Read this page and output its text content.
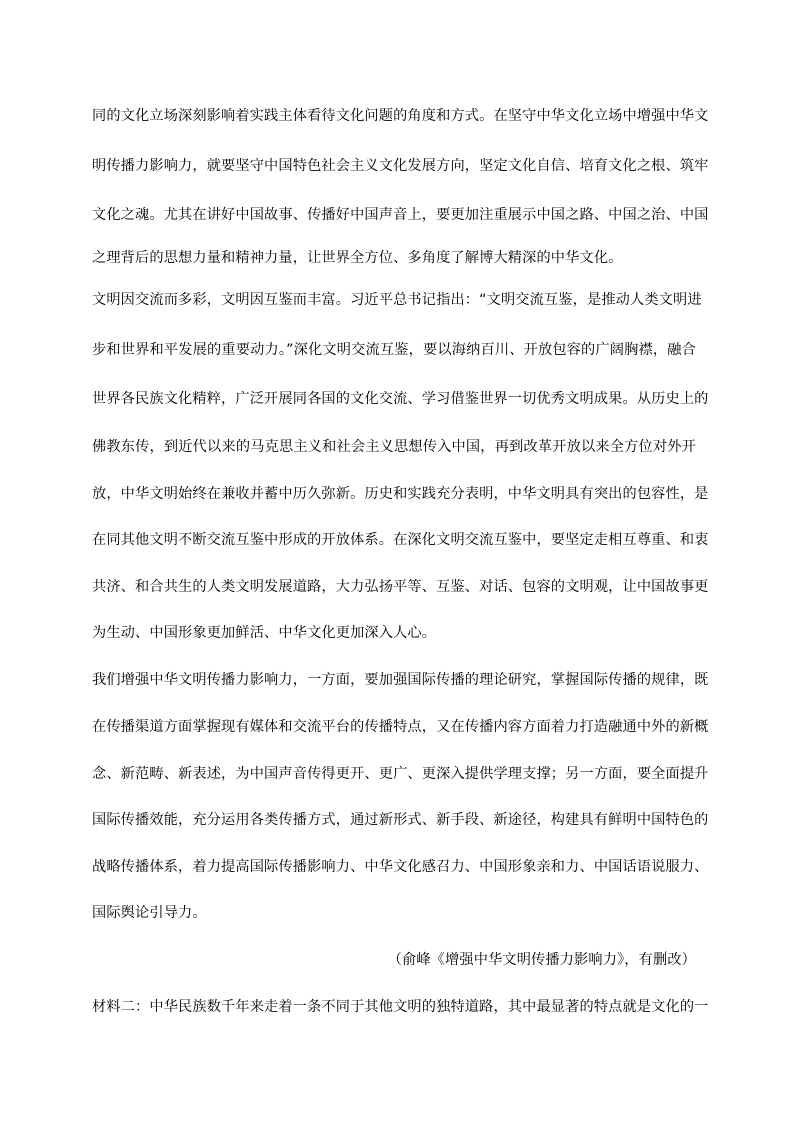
同的文化立场深刻影响着实践主体看待文化问题的角度和方式。在坚守中华文化立场中增强中华文
明传播力影响力，就要坚守中国特色社会主义文化发展方向，坚定文化自信、培育文化之根、筑牢
文化之魂。尤其在讲好中国故事、传播好中国声音上，要更加注重展示中国之路、中国之治、中国
之理背后的思想力量和精神力量，让世界全方位、多角度了解博大精深的中华文化。
文明因交流而多彩，文明因互鉴而丰富。习近平总书记指出：“文明交流互鉴，是推动人类文明进
步和世界和平发展的重要动力。”深化文明交流互鉴，要以海纳百川、开放包容的广阔胸襟，融合
世界各民族文化精粹，广泛开展同各国的文化交流、学习借鉴世界一切优秀文明成果。从历史上的
佛教东传，到近代以来的马克思主义和社会主义思想传入中国，再到改革开放以来全方位对外开
放，中华文明始终在兼收并蓄中历久弥新。历史和实践充分表明，中华文明具有突出的包容性，是
在同其他文明不断交流互鉴中形成的开放体系。在深化文明交流互鉴中，要坚定走相互尊重、和衷
共济、和合共生的人类文明发展道路，大力弘扬平等、互鉴、对话、包容的文明观，让中国故事更
为生动、中国形象更加鲜活、中华文化更加深入人心。
我们增强中华文明传播力影响力，一方面，要加强国际传播的理论研究，掌握国际传播的规律，既
在传播渠道方面掌握现有媒体和交流平台的传播特点，又在传播内容方面着力打造融通中外的新概
念、新范畴、新表述，为中国声音传得更开、更广、更深入提供学理支撑；另一方面，要全面提升
国际传播效能，充分运用各类传播方式，通过新形式、新手段、新途径，构建具有鲜明中国特色的
战略传播体系，着力提高国际传播影响力、中华文化感召力、中国形象亲和力、中国话语说服力、
国际舆论引导力。
（俞峰《增强中华文明传播力影响力》，有删改）
材料二：中华民族数千年来走着一条不同于其他文明的独特道路，其中最显著的特点就是文化的一
